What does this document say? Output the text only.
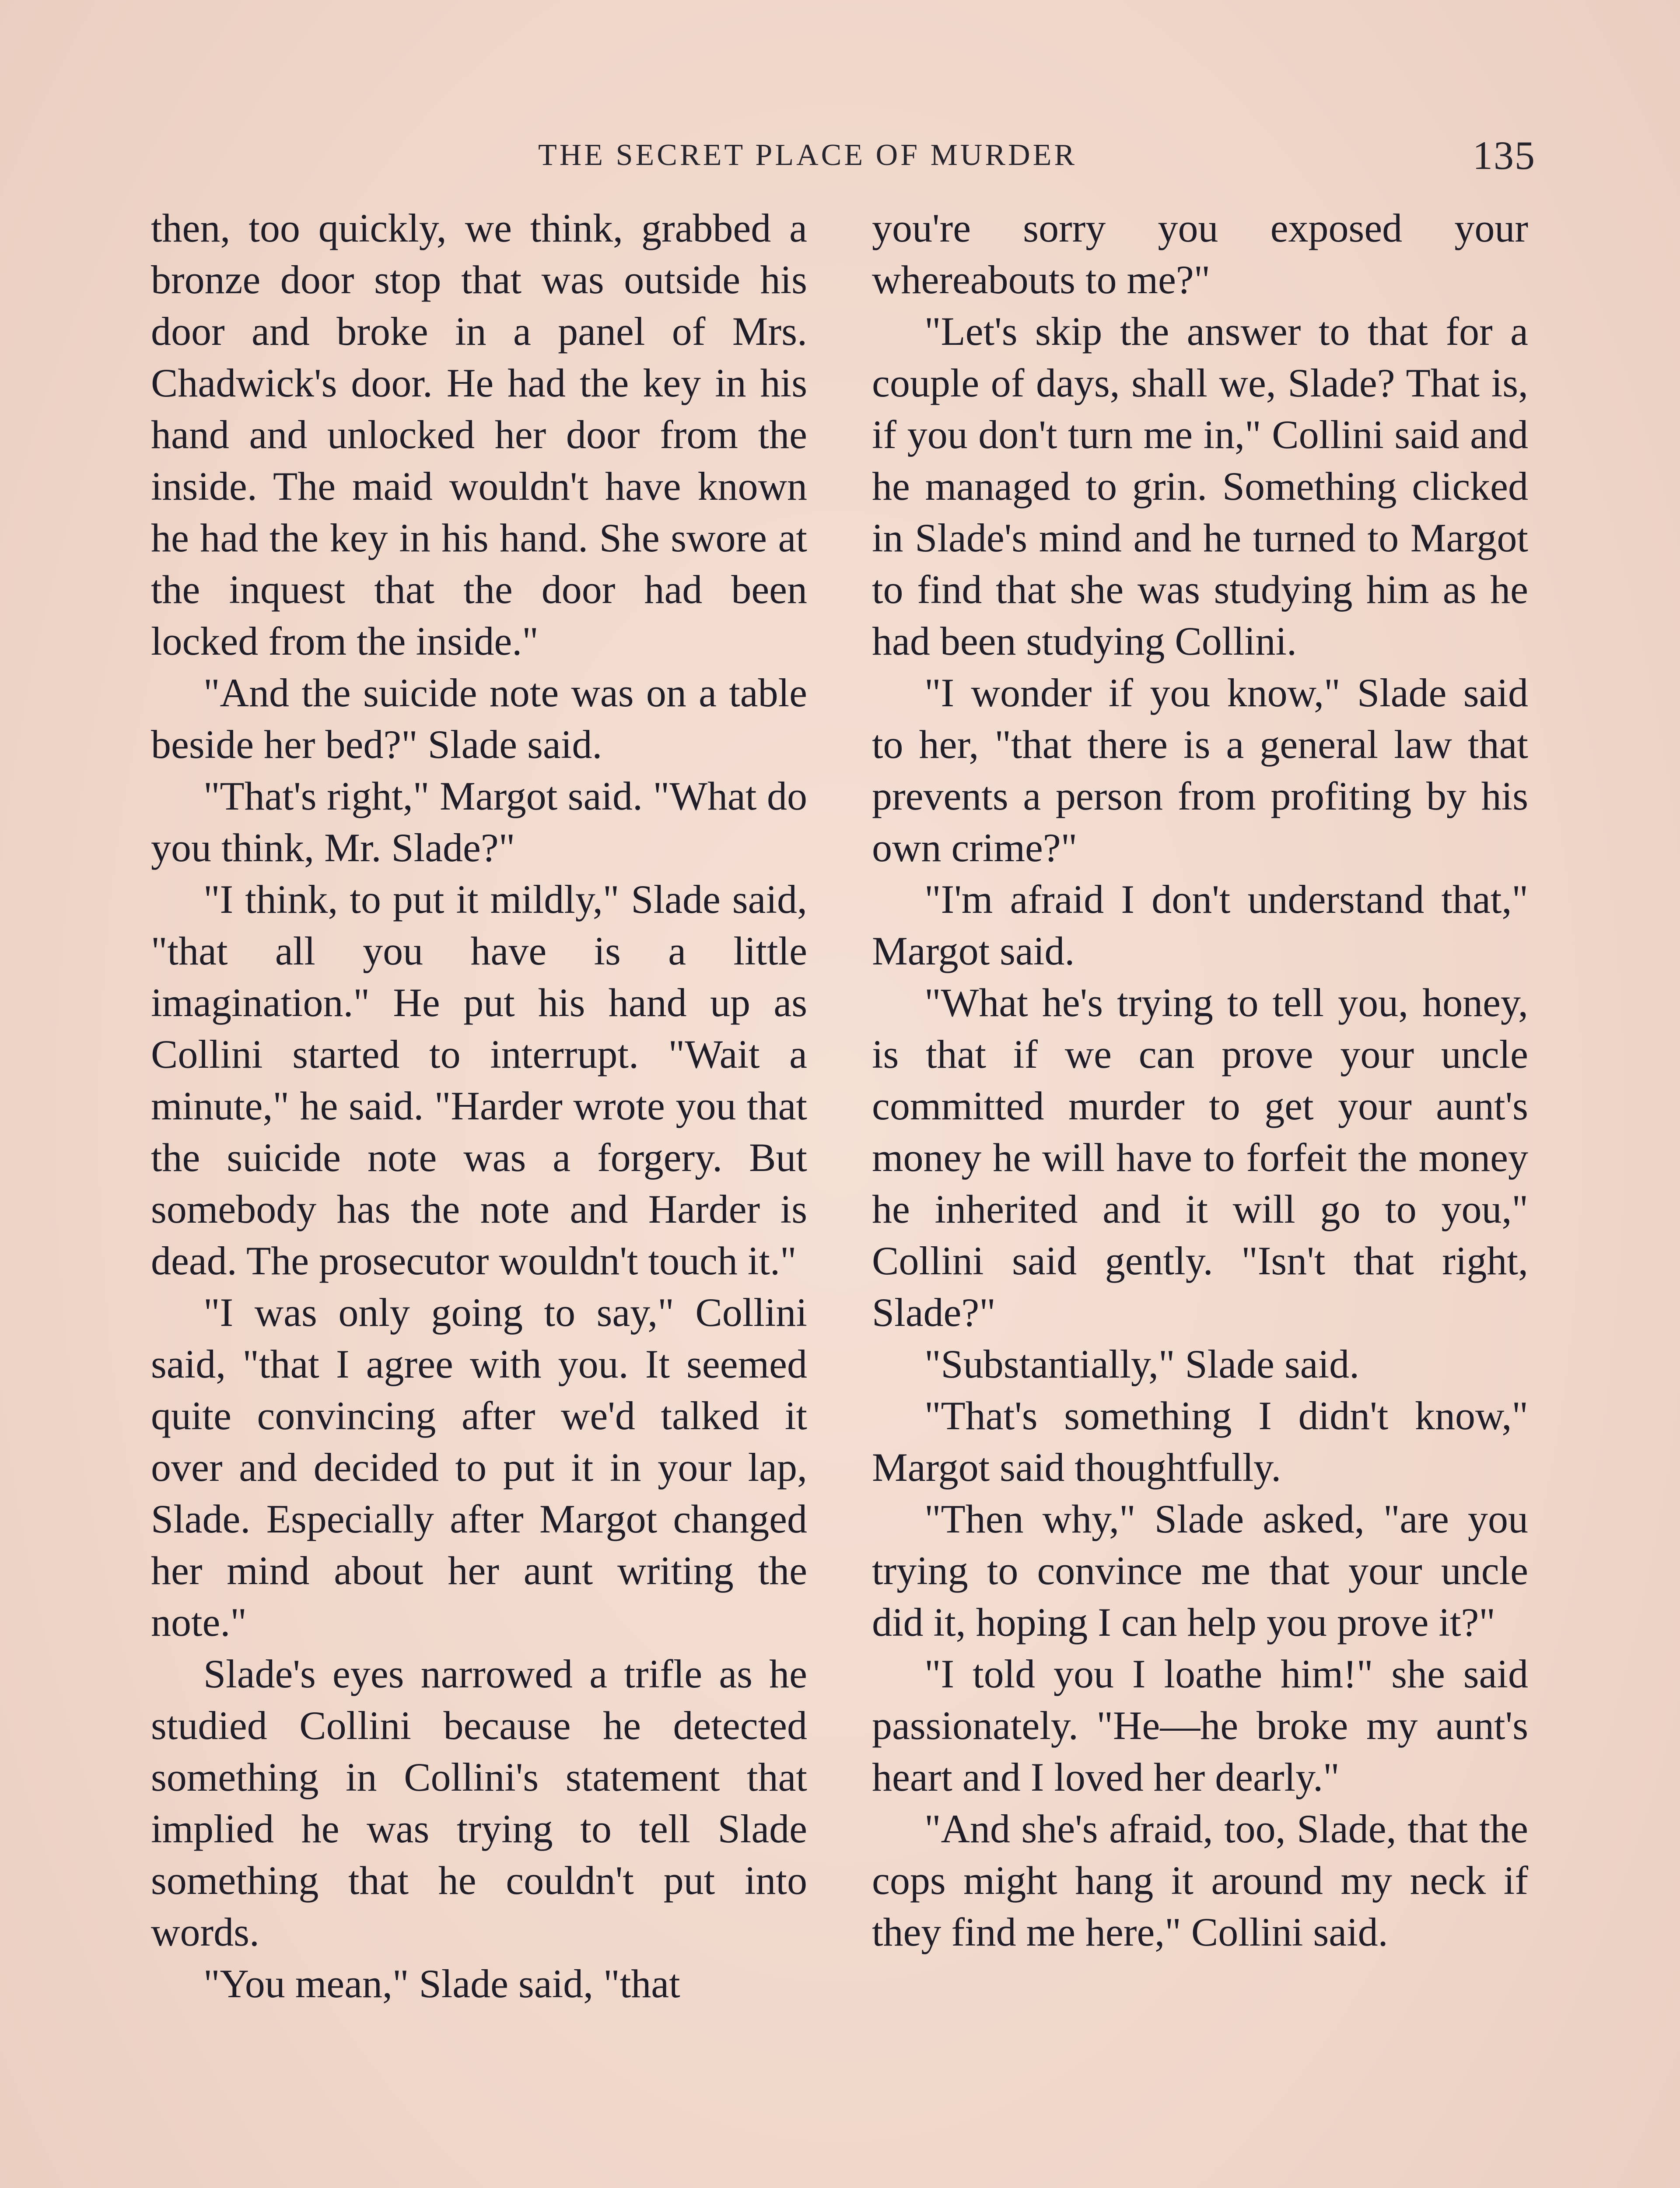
THE SECRET PLACE OF MURDER	135

then, too quickly, we think, grabbed a bronze door stop that was outside his door and broke in a panel of Mrs. Chadwick's door. He had the key in his hand and unlocked her door from the inside. The maid wouldn't have known he had the key in his hand. She swore at the inquest that the door had been locked from the inside."

"And the suicide note was on a table beside her bed?" Slade said.

"That's right," Margot said. "What do you think, Mr. Slade?"

"I think, to put it mildly," Slade said, "that all you have is a little imagination." He put his hand up as Collini started to interrupt. "Wait a minute," he said. "Harder wrote you that the suicide note was a forgery. But somebody has the note and Harder is dead. The prosecutor wouldn't touch it."

"I was only going to say," Collini said, "that I agree with you. It seemed quite convincing after we'd talked it over and decided to put it in your lap, Slade. Especially after Margot changed her mind about her aunt writing the note."

Slade's eyes narrowed a trifle as he studied Collini because he detected something in Collini's statement that implied he was trying to tell Slade something that he couldn't put into words.

"You mean," Slade said, "that

you're sorry you exposed your whereabouts to me?"

"Let's skip the answer to that for a couple of days, shall we, Slade? That is, if you don't turn me in," Collini said and he managed to grin. Something clicked in Slade's mind and he turned to Margot to find that she was studying him as he had been studying Collini.

"I wonder if you know," Slade said to her, "that there is a general law that prevents a person from profiting by his own crime?"

"I'm afraid I don't understand that," Margot said.

"What he's trying to tell you, honey, is that if we can prove your uncle committed murder to get your aunt's money he will have to forfeit the money he inherited and it will go to you," Collini said gently. "Isn't that right, Slade?"

"Substantially," Slade said.

"That's something I didn't know," Margot said thoughtfully.

"Then why," Slade asked, "are you trying to convince me that your uncle did it, hoping I can help you prove it?"

"I told you I loathe him!" she said passionately. "He—he broke my aunt's heart and I loved her dearly."

"And she's afraid, too, Slade, that the cops might hang it around my neck if they find me here," Collini said.
